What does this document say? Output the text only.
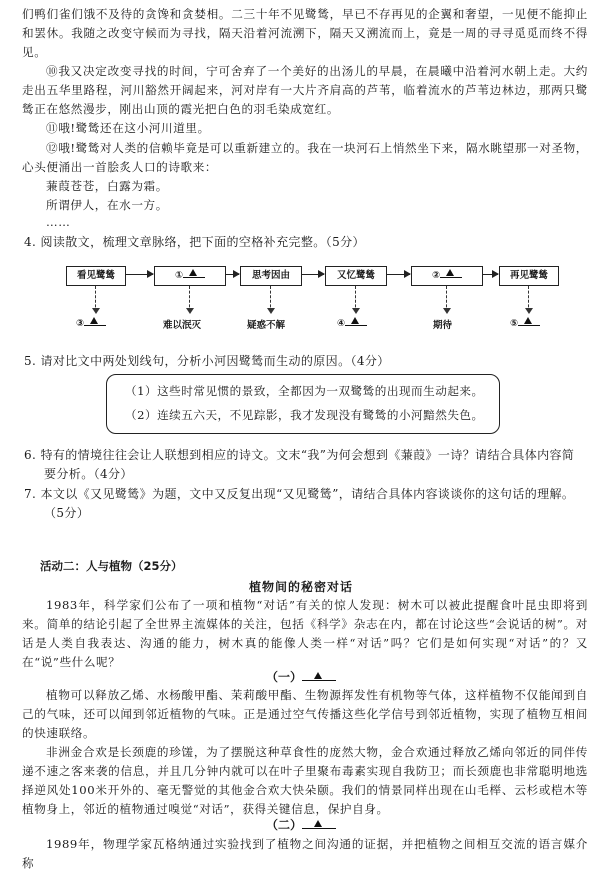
们鸭们雀们饿不及待的贪馋和贪婪相。二三十年不见鹭鸶，早已不存再见的企翼和奢望，一见便不能抑止和罢休。我随之改变守候而为寻找，隔天沿着河流溯下，隔天又溯流而上，竟是一周的寻寻觅觅而终不得见。
⑩我又决定改变寻找的时间，宁可舍弃了一个美好的出汤儿的早晨，在晨曦中沿着河水朝上走。大约走出五华里路程，河川豁然开阔起来，河对岸有一大片齐肩高的芦苇，临着流水的芦苇边林边，那两只鹭鸶正在悠然漫步，刚出山顶的霞光把白色的羽毛染成宽红。
⑪哦!鹭鸶还在这小河川道里。
⑫哦!鹭鸶对人类的信赖毕竟是可以重新建立的。我在一块河石上悄然坐下来，隔水眺望那一对圣物，心头便涌出一首脍炙人口的诗歌来：
蒹葭苍苍，白露为霜。
所谓伊人，在水一方。
……
4. 阅读散文，梳理文章脉络，把下面的空格补充完整。（5分）
看见鹭鸶	①	思考因由	又忆鹭鸶	②	再见鹭鸶
③	难以泯灭	疑惑不解	④	期待	⑤
5. 请对比文中两处划线句，分析小河因鹭鸶而生动的原因。（4分）
（1）这些时常见惯的景致，全都因为一双鹭鸶的出现而生动起来。
（2）连续五六天，不见踪影，我才发现没有鹭鸶的小河黯然失色。
6. 特有的情境往往会让人联想到相应的诗文。文末“我”为何会想到《蒹葭》一诗？请结合具体内容简
要分析。（4分）
7. 本文以《又见鹭鸶》为题，文中又反复出现“又见鹭鸶”，请结合具体内容谈谈你的这句话的理解。
（5分）
活动二：人与植物（25分）
植物间的秘密对话
1983年，科学家们公布了一项和植物“对话”有关的惊人发现：树木可以被此提醒食叶昆虫即将到来。简单的结论引起了全世界主流媒体的关注，包括《科学》杂志在内，都在讨论这些“会说话的树”。对话是人类自我表达、沟通的能力，树木真的能像人类一样“对话”吗？它们是如何实现“对话”的？又在“说”些什么呢？
（一）
植物可以释放乙烯、水杨酸甲酯、茉莉酸甲酯、生物源挥发性有机物等气体，这样植物不仅能闻到自己的气味，还可以闻到邻近植物的气味。正是通过空气传播这些化学信号到邻近植物，实现了植物互相间的快速联络。
非洲金合欢是长颈鹿的珍馐，为了摆脱这种草食性的庞然大物，金合欢通过释放乙烯向邻近的同伴传递不速之客来袭的信息，并且几分钟内就可以在叶子里聚布毒素实现自我防卫；而长颈鹿也非常聪明地选择逆风处100米开外的、毫无警觉的其他金合欢大快朵颐。我们的情景同样出现在山毛榉、云杉或桤木等植物身上，邻近的植物通过嗅觉“对话”，获得关键信息，保护自身。
（二）
1989年，物理学家瓦格纳通过实验找到了植物之间沟通的证据，并把植物之间相互交流的语言媒介称
